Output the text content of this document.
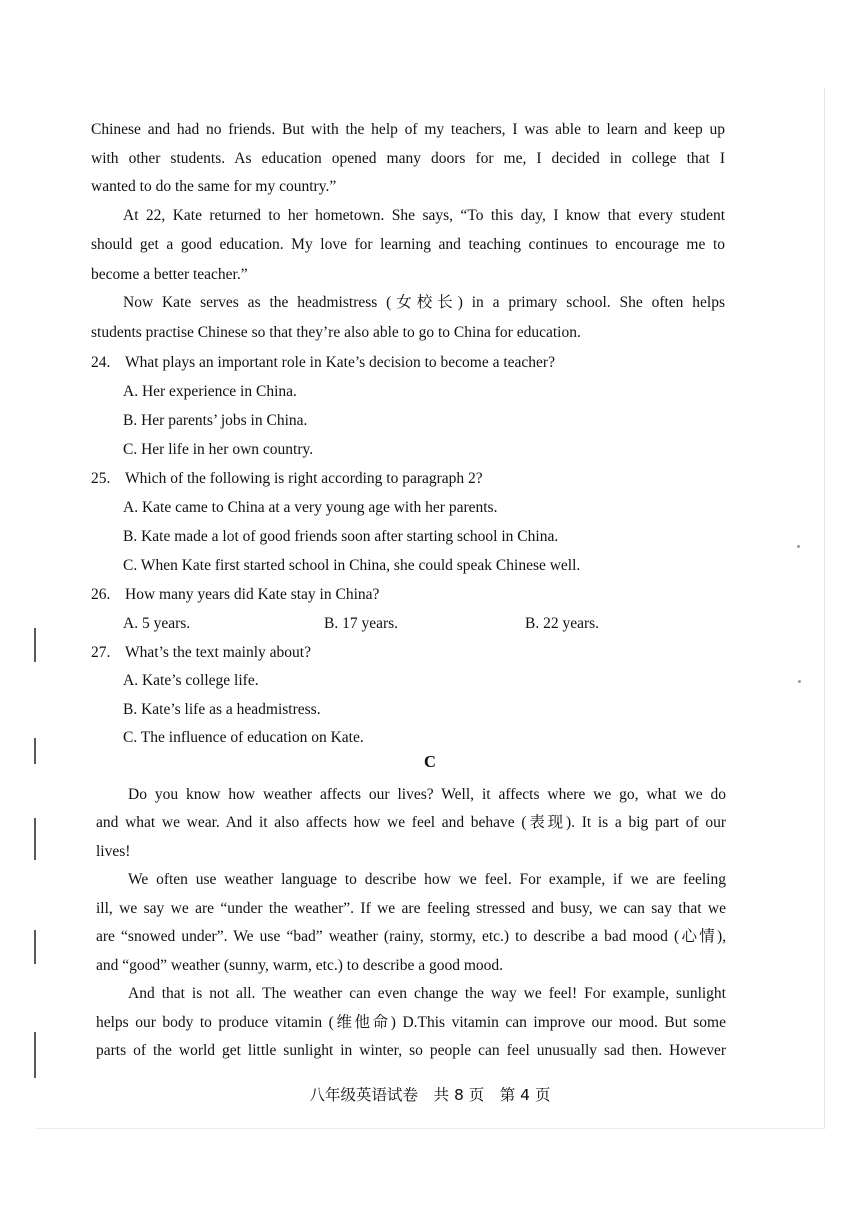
Chinese and had no friends. But with the help of my teachers, I was able to learn and keep up
with other students. As education opened many doors for me, I decided in college that I
wanted to do the same for my country.”
At 22, Kate returned to her hometown. She says, “To this day, I know that every student
should get a good education. My love for learning and teaching continues to encourage me to
become a better teacher.”
Now Kate serves as the headmistress (女校长) in a primary school. She often helps
students practise Chinese so that they’re also able to go to China for education.
24. What plays an important role in Kate’s decision to become a teacher?
A. Her experience in China.
B. Her parents’ jobs in China.
C. Her life in her own country.
25. Which of the following is right according to paragraph 2?
A. Kate came to China at a very young age with her parents.
B. Kate made a lot of good friends soon after starting school in China.
C. When Kate first started school in China, she could speak Chinese well.
26. How many years did Kate stay in China?
A. 5 years.	B. 17 years.	B. 22 years.
27. What’s the text mainly about?
A. Kate’s college life.
B. Kate’s life as a headmistress.
C. The influence of education on Kate.
C
Do you know how weather affects our lives? Well, it affects where we go, what we do
and what we wear. And it also affects how we feel and behave (表现). It is a big part of our
lives!
We often use weather language to describe how we feel. For example, if we are feeling
ill, we say we are “under the weather”. If we are feeling stressed and busy, we can say that we
are “snowed under”. We use “bad” weather (rainy, stormy, etc.) to describe a bad mood (心情),
and “good” weather (sunny, warm, etc.) to describe a good mood.
And that is not all. The weather can even change the way we feel! For example, sunlight
helps our body to produce vitamin (维他命) D.This vitamin can improve our mood. But some
parts of the world get little sunlight in winter, so people can feel unusually sad then. However
八年级英语试卷　共 8 页　第 4 页
